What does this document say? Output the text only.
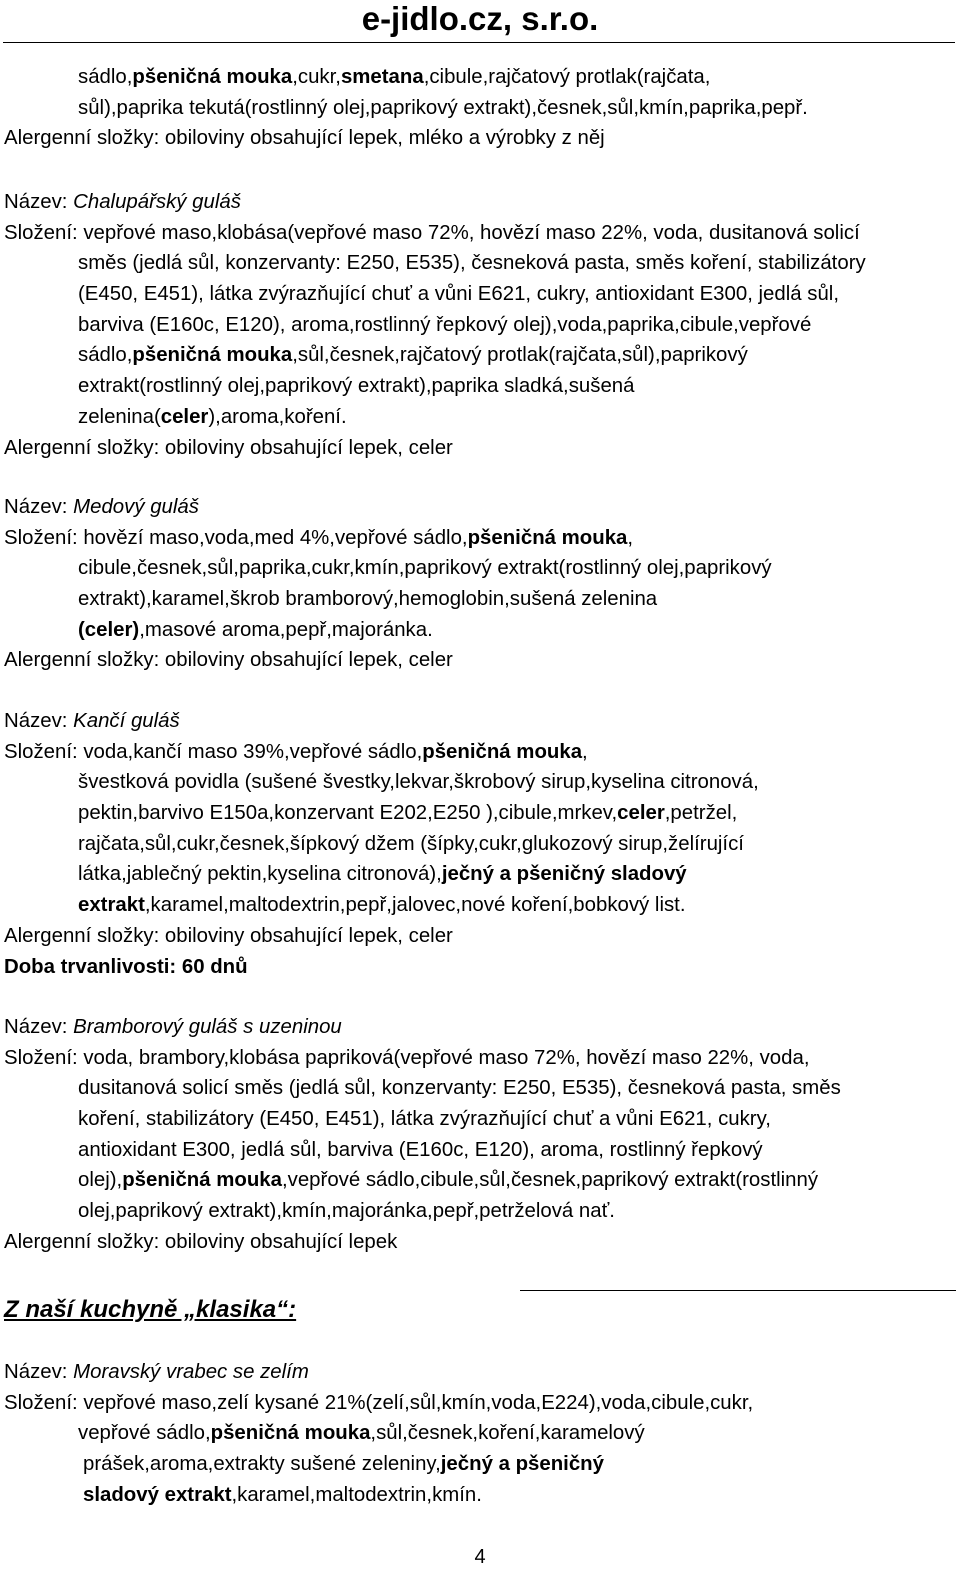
e-jidlo.cz, s.r.o.
sádlo,pšeničná mouka,cukr,smetana,cibule,rajčatový protlak(rajčata,
sůl),paprika tekutá(rostlinný olej,paprikový extrakt),česnek,sůl,kmín,paprika,pepř.
Alergenní složky: obiloviny obsahující lepek, mléko a výrobky z něj
Název: Chalupářský guláš
Složení: vepřové maso,klobása(vepřové maso 72%, hovězí maso 22%, voda, dusitanová solicí
směs (jedlá sůl, konzervanty: E250, E535), česneková pasta, směs koření, stabilizátory
(E450, E451), látka zvýrazňující chuť a vůni E621, cukry, antioxidant E300, jedlá sůl,
barviva (E160c, E120), aroma,rostlinný řepkový olej),voda,paprika,cibule,vepřové
sádlo,pšeničná mouka,sůl,česnek,rajčatový protlak(rajčata,sůl),paprikový
extrakt(rostlinný olej,paprikový extrakt),paprika sladká,sušená
zelenina(celer),aroma,koření.
Alergenní složky: obiloviny obsahující lepek, celer
Název: Medový guláš
Složení: hovězí maso,voda,med 4%,vepřové sádlo,pšeničná mouka,
cibule,česnek,sůl,paprika,cukr,kmín,paprikový extrakt(rostlinný olej,paprikový
extrakt),karamel,škrob bramborový,hemoglobin,sušená zelenina
(celer),masové aroma,pepř,majoránka.
Alergenní složky: obiloviny obsahující lepek, celer
Název: Kančí guláš
Složení: voda,kančí maso 39%,vepřové sádlo,pšeničná mouka,
švestková povidla (sušené švestky,lekvar,škrobový sirup,kyselina citronová,
pektin,barvivo E150a,konzervant E202,E250 ),cibule,mrkev,celer,petržel,
rajčata,sůl,cukr,česnek,šípkový džem (šípky,cukr,glukozový sirup,želírující
látka,jablečný pektin,kyselina citronová),ječný a pšeničný sladový
extrakt,karamel,maltodextrin,pepř,jalovec,nové koření,bobkový list.
Alergenní složky: obiloviny obsahující lepek, celer
Doba trvanlivosti: 60 dnů
Název: Bramborový guláš s uzeninou
Složení: voda, brambory,klobása papriková(vepřové maso 72%, hovězí maso 22%, voda,
dusitanová solicí směs (jedlá sůl, konzervanty: E250, E535), česneková pasta, směs
koření, stabilizátory (E450, E451), látka zvýrazňující chuť a vůni E621, cukry,
antioxidant E300, jedlá sůl, barviva (E160c, E120), aroma, rostlinný řepkový
olej),pšeničná mouka,vepřové sádlo,cibule,sůl,česnek,paprikový extrakt(rostlinný
olej,paprikový extrakt),kmín,majoránka,pepř,petrželová nať.
Alergenní složky: obiloviny obsahující lepek
Z naší kuchyně „klasika“:
Název: Moravský vrabec se zelím
Složení: vepřové maso,zelí kysané 21%(zelí,sůl,kmín,voda,E224),voda,cibule,cukr,
vepřové sádlo,pšeničná mouka,sůl,česnek,koření,karamelový
prášek,aroma,extrakty sušené zeleniny,ječný a pšeničný
sladový extrakt,karamel,maltodextrin,kmín.
4
